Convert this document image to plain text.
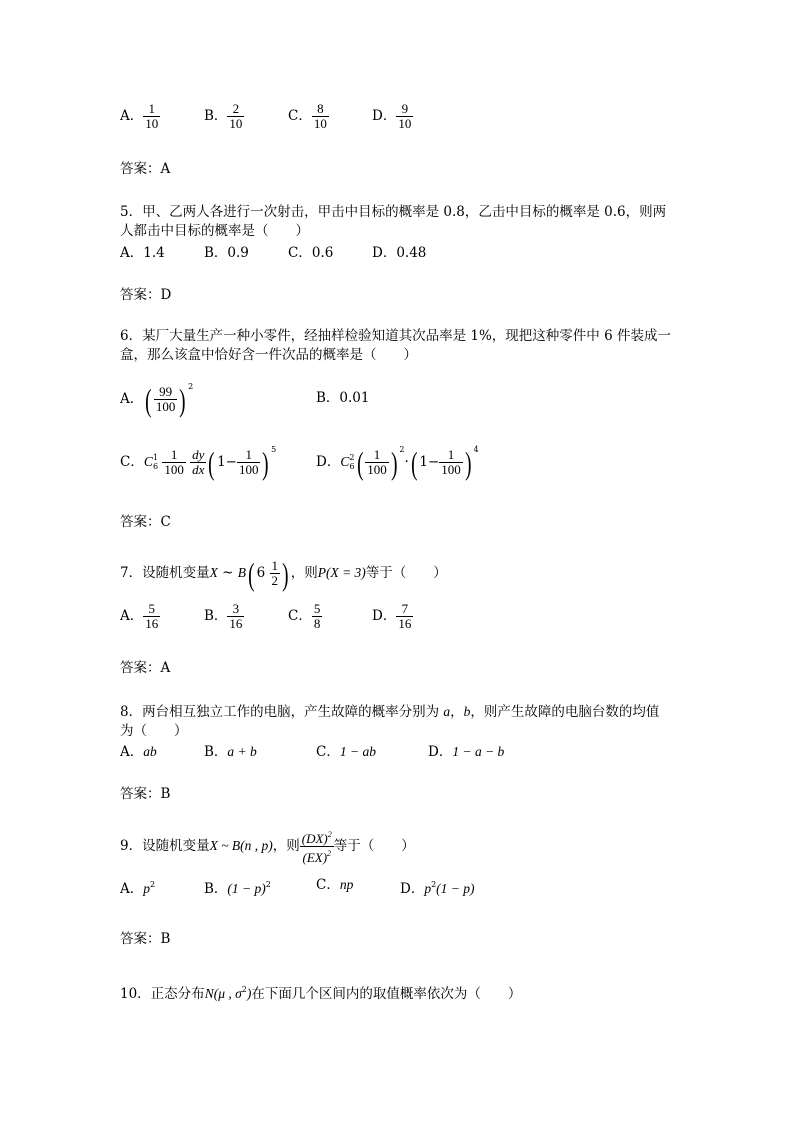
A． $\frac{1}{10}$	B． $\frac{2}{10}$	C． $\frac{8}{10}$	D． $\frac{9}{10}$
答案：A
5．甲、乙两人各进行一次射击，甲击中目标的概率是 0.8，乙击中目标的概率是 0.6，则两
人都击中目标的概率是（　　）
A．1.4	B．0.9	C．0.6	D．0.48
答案：D
6．某厂大量生产一种小零件，经抽样检验知道其次品率是 1%，现把这种零件中 6 件装成一
盒，那么该盒中恰好含一件次品的概率是（　　）
A．( $\frac{99}{100}$ ) $^2$
B．0.01
C．$C^1_6 \frac{1}{100}$
$\frac{dy}{dx}$ ( $1- \frac{1}{100}$ ) $^5$
D．$C^2_6( \frac{1}{100}$ ) $^2$·( $1- \frac{1}{100}$ ) $^4$
答案：C
7．设随机变量X ~ B( $6 \frac{1}{2}$ ) ，则P(X = 3)等于（　　）
A． $\frac{5}{16}$	B． $\frac{3}{16}$	C． $\frac{5}{8}$	D． $\frac{7}{16}$
答案：A
8．两台相互独立工作的电脑，产生故障的概率分别为 a，b，则产生故障的电脑台数的均值
为（　　）
A．ab	B．a + b	C．1 − ab	D．1 − a − b
答案：B
9．设随机变量X ~ B(n , p)，则 $\frac{(DX)^2}{(EX)^2}$ 等于（　　）
A．$p^2$	B．$(1 - p)^2$	C．np	D．$p^2(1 - p)$
答案：B
10．正态分布N(μ , $\sigma^2$)在下面几个区间内的取值概率依次为（　　）
